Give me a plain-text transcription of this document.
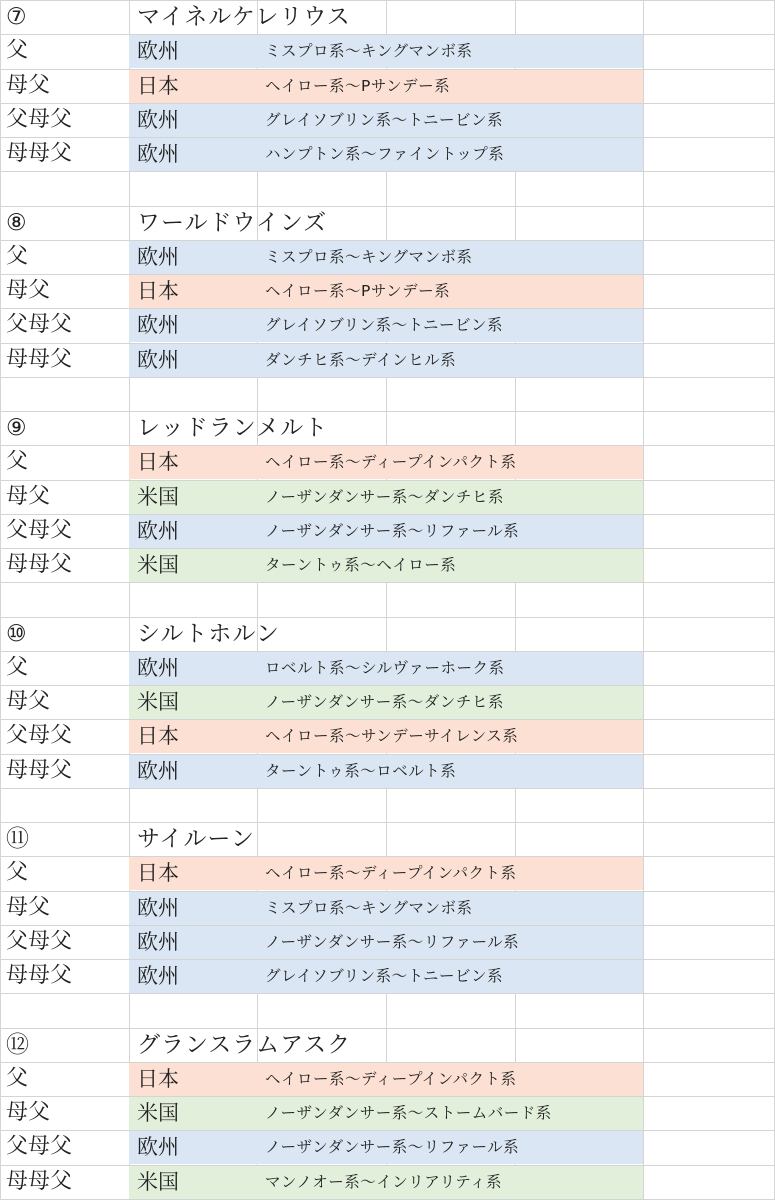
⑦	マイネルケレリウス
父	欧州	ミスプロ系〜キングマンボ系
母父	日本	ヘイロー系〜Pサンデー系
父母父	欧州	グレイソブリン系〜トニービン系
母母父	欧州	ハンプトン系〜ファイントップ系
⑧	ワールドウインズ
父	欧州	ミスプロ系〜キングマンボ系
母父	日本	ヘイロー系〜Pサンデー系
父母父	欧州	グレイソブリン系〜トニービン系
母母父	欧州	ダンチヒ系〜デインヒル系
⑨	レッドランメルト
父	日本	ヘイロー系〜ディープインパクト系
母父	米国	ノーザンダンサー系〜ダンチヒ系
父母父	欧州	ノーザンダンサー系〜リファール系
母母父	米国	ターントゥ系〜ヘイロー系
⑩	シルトホルン
父	欧州	ロベルト系〜シルヴァーホーク系
母父	米国	ノーザンダンサー系〜ダンチヒ系
父母父	日本	ヘイロー系〜サンデーサイレンス系
母母父	欧州	ターントゥ系〜ロベルト系
⑪	サイルーン
父	日本	ヘイロー系〜ディープインパクト系
母父	欧州	ミスプロ系〜キングマンボ系
父母父	欧州	ノーザンダンサー系〜リファール系
母母父	欧州	グレイソブリン系〜トニービン系
⑫	グランスラムアスク
父	日本	ヘイロー系〜ディープインパクト系
母父	米国	ノーザンダンサー系〜ストームバード系
父母父	欧州	ノーザンダンサー系〜リファール系
母母父	米国	マンノオー系〜インリアリティ系
